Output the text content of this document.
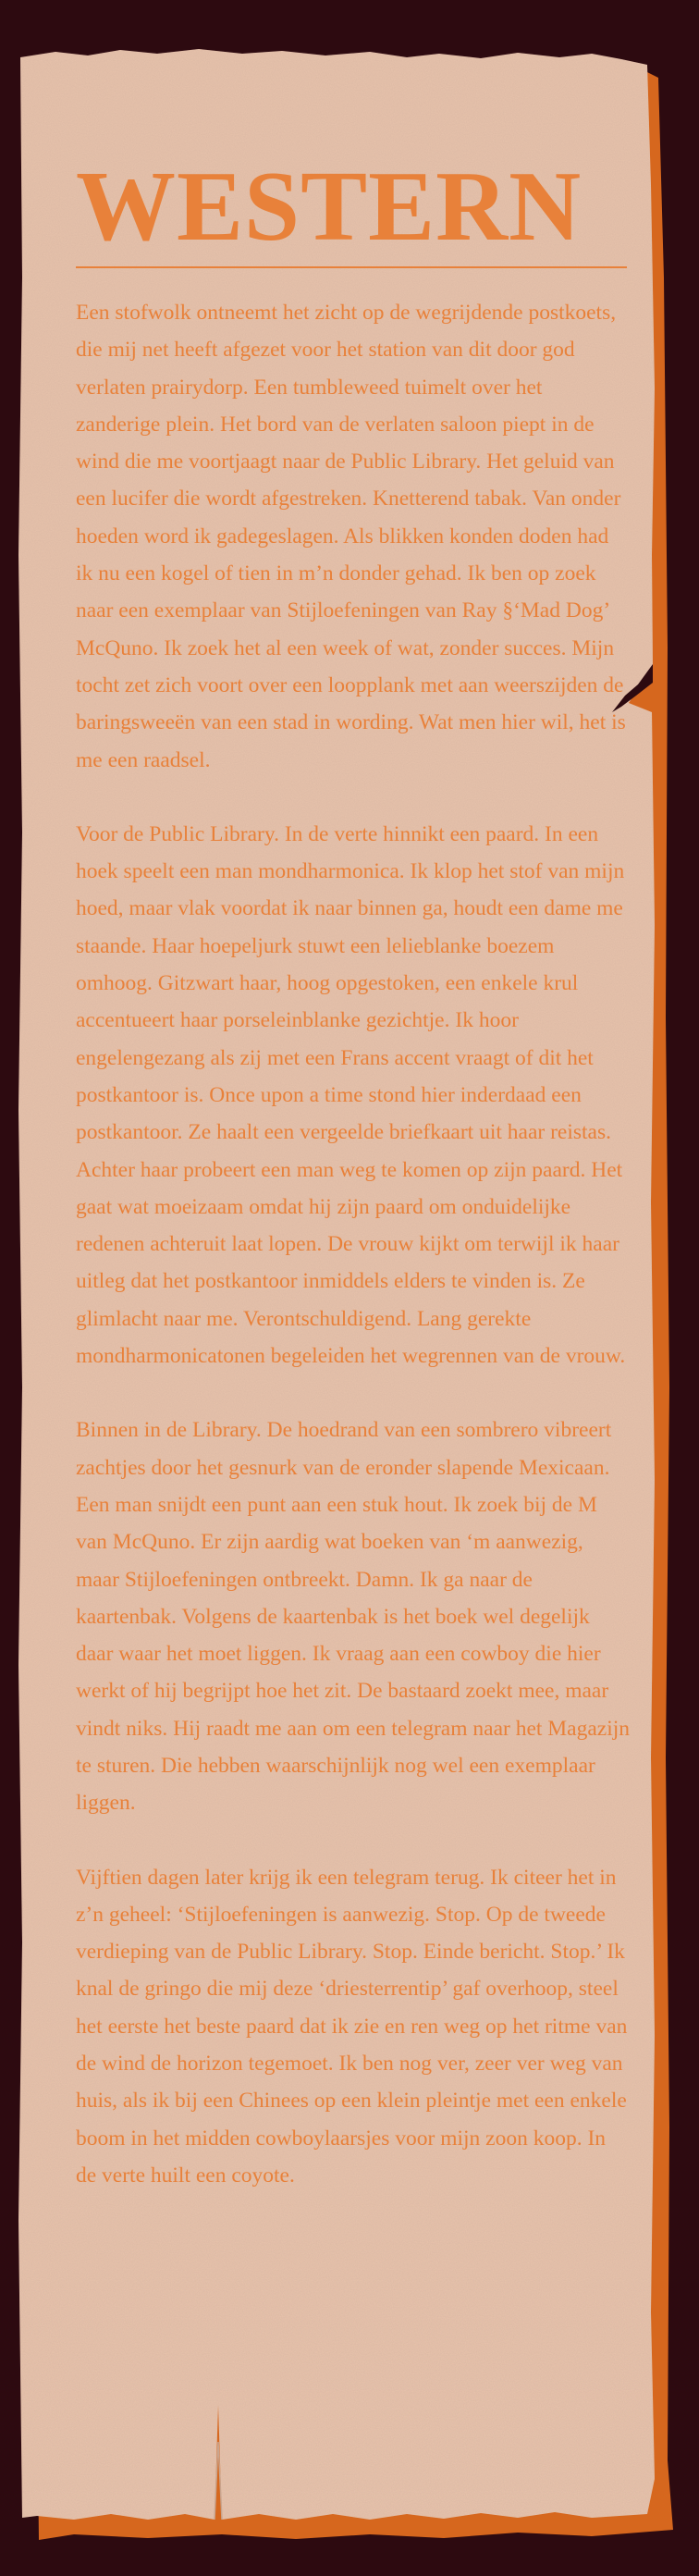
WESTERN

Een stofwolk ontneemt het zicht op de wegrijdende postkoets, die mij net heeft afgezet voor het station van dit door god verlaten prairydorp. Een tumbleweed tuimelt over het zanderige plein. Het bord van de verlaten saloon piept in de wind die me voortjaagt naar de Public Library. Het geluid van een lucifer die wordt afgestreken. Knetterend tabak. Van onder hoeden word ik gadegeslagen. Als blikken konden doden had ik nu een kogel of tien in m’n donder gehad. Ik ben op zoek naar een exemplaar van Stijloefeningen van Ray §‘Mad Dog’ McQuno. Ik zoek het al een week of wat, zonder succes. Mijn tocht zet zich voort over een loopplank met aan weerszijden de baringsweeën van een stad in wording. Wat men hier wil, het is me een raadsel.

Voor de Public Library. In de verte hinnikt een paard. In een hoek speelt een man mondharmonica. Ik klop het stof van mijn hoed, maar vlak voordat ik naar binnen ga, houdt een dame me staande. Haar hoepeljurk stuwt een lelieblanke boezem omhoog. Gitzwart haar, hoog opgestoken, een enkele krul accentueert haar porseleinblanke gezichtje. Ik hoor engelengezang als zij met een Frans accent vraagt of dit het postkantoor is. Once upon a time stond hier inderdaad een postkantoor. Ze haalt een vergeelde briefkaart uit haar reistas. Achter haar probeert een man weg te komen op zijn paard. Het gaat wat moeizaam omdat hij zijn paard om onduidelijke redenen achteruit laat lopen. De vrouw kijkt om terwijl ik haar uitleg dat het postkantoor inmiddels elders te vinden is. Ze glimlacht naar me. Verontschuldigend. Lang gerekte mondharmonicatonen begeleiden het wegrennen van de vrouw.

Binnen in de Library. De hoedrand van een sombrero vibreert zachtjes door het gesnurk van de eronder slapende Mexicaan. Een man snijdt een punt aan een stuk hout. Ik zoek bij de M van McQuno. Er zijn aardig wat boeken van ‘m aanwezig, maar Stijloefeningen ontbreekt. Damn. Ik ga naar de kaartenbak. Volgens de kaartenbak is het boek wel degelijk daar waar het moet liggen. Ik vraag aan een cowboy die hier werkt of hij begrijpt hoe het zit. De bastaard zoekt mee, maar vindt niks. Hij raadt me aan om een telegram naar het Magazijn te sturen. Die hebben waarschijnlijk nog wel een exemplaar liggen.

Vijftien dagen later krijg ik een telegram terug. Ik citeer het in z’n geheel: ‘Stijloefeningen is aanwezig. Stop. Op de tweede verdieping van de Public Library. Stop. Einde bericht. Stop.’ Ik knal de gringo die mij deze ‘driesterrentip’ gaf overhoop, steel het eerste het beste paard dat ik zie en ren weg op het ritme van de wind de horizon tegemoet. Ik ben nog ver, zeer ver weg van huis, als ik bij een Chinees op een klein pleintje met een enkele boom in het midden cowboylaarsjes voor mijn zoon koop. In de verte huilt een coyote.
